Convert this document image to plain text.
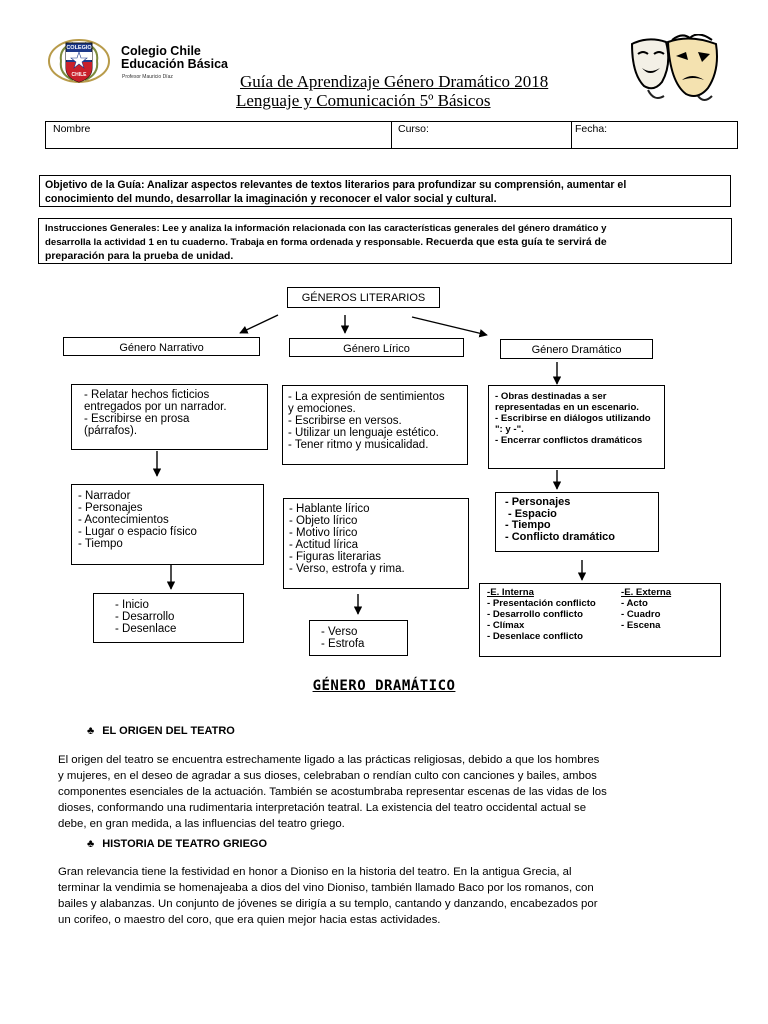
COLEGIO
CHILE
Colegio Chile
Educación Básica
Profesor Mauricio Díaz	Guía de Aprendizaje Género Dramático 2018
Lenguaje y Comunicación 5º Básicos
Nombre	Curso:	Fecha:
Objetivo de la Guía: Analizar aspectos relevantes de textos literarios para profundizar su comprensión, aumentar el
conocimiento del mundo, desarrollar la imaginación y reconocer el valor social y cultural.
Instrucciones Generales: Lee y analiza la información relacionada con las características generales del género dramático y
desarrolla la actividad 1 en tu cuaderno. Trabaja en forma ordenada y responsable. Recuerda que esta guía te servirá de
preparación para la prueba de unidad.
GÉNEROS LITERARIOS
Género Narrativo	Género Lírico	Género Dramático
- Relatar hechos ficticios
entregados por un narrador.
- Escribirse en prosa
(párrafos).
- La expresión de sentimientos
y emociones.
- Escribirse en versos.
- Utilizar un lenguaje estético.
- Tener ritmo y musicalidad.
- Obras destinadas a ser
representadas en un escenario.
- Escribirse en diálogos utilizando
": y -".
- Encerrar conflictos dramáticos
- Narrador
- Personajes
- Acontecimientos
- Lugar o espacio físico
- Tiempo
- Hablante lírico
- Objeto lírico
- Motivo lírico
- Actitud lírica
- Figuras literarias
- Verso, estrofa y rima.
- Personajes
- Espacio
- Tiempo
- Conflicto dramático
- Inicio
- Desarrollo
- Desenlace	- Verso
- Estrofa
-E. Interna
- Presentación conflicto
- Desarrollo conflicto
- Clímax
- Desenlace conflicto
-E. Externa
- Acto
- Cuadro
- Escena
GÉNERO DRAMÁTICO
♣ EL ORIGEN DEL TEATRO
El origen del teatro se encuentra estrechamente ligado a las prácticas religiosas, debido a que los hombres
y mujeres, en el deseo de agradar a sus dioses, celebraban o rendían culto con canciones y bailes, ambos
componentes esenciales de la actuación. También se acostumbraba representar escenas de las vidas de los
dioses, conformando una rudimentaria interpretación teatral. La existencia del teatro occidental actual se
debe, en gran medida, a las influencias del teatro griego.
♣ HISTORIA DE TEATRO GRIEGO
Gran relevancia tiene la festividad en honor a Dioniso en la historia del teatro. En la antigua Grecia, al
terminar la vendimia se homenajeaba a dios del vino Dioniso, también llamado Baco por los romanos, con
bailes y alabanzas. Un conjunto de jóvenes se dirigía a su templo, cantando y danzando, encabezados por
un corifeo, o maestro del coro, que era quien mejor hacia estas actividades.
